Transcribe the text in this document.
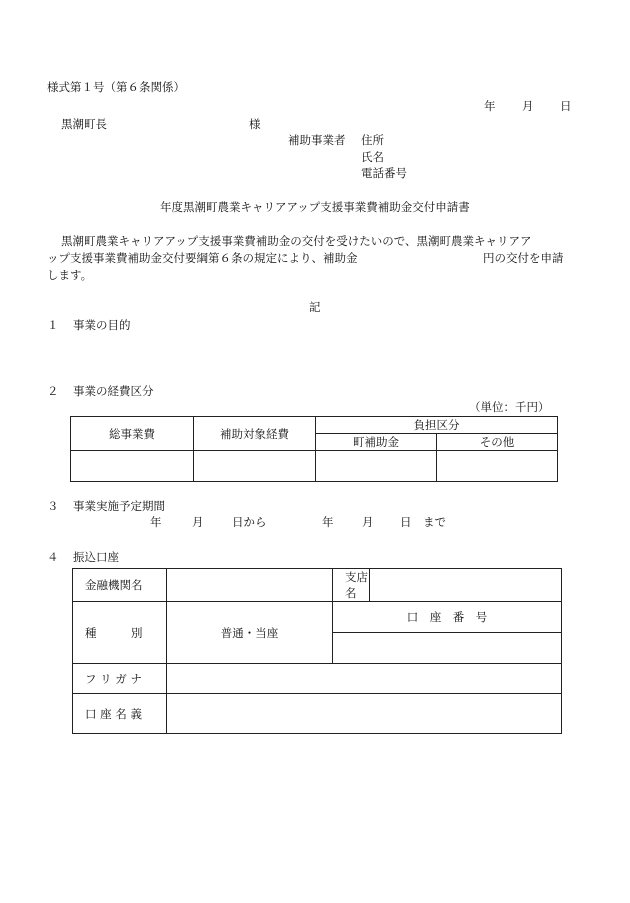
様式第１号（第６条関係）
年 月 日
黒潮町長	様
補助事業者 住所
氏名
電話番号
年度黒潮町農業キャリアアップ支援事業費補助金交付申請書
黒潮町農業キャリアアップ支援事業費補助金の交付を受けたいので、黒潮町農業キャリアア
ップ支援事業費補助金交付要綱第６条の規定により、補助金	円の交付を申請
します。
記
１ 事業の目的
２ 事業の経費区分
（単位：千円）
総事業費	補助対象経費	負担区分	
		町補助金	その他

３ 事業実施予定期間
年	月 日から	年 月 日　まで
４ 振込口座
金融機関名		支店名	
種　　　別	普通・当座	口　座　番　号	

フ リ ガ ナ			
口 座 名 義			
